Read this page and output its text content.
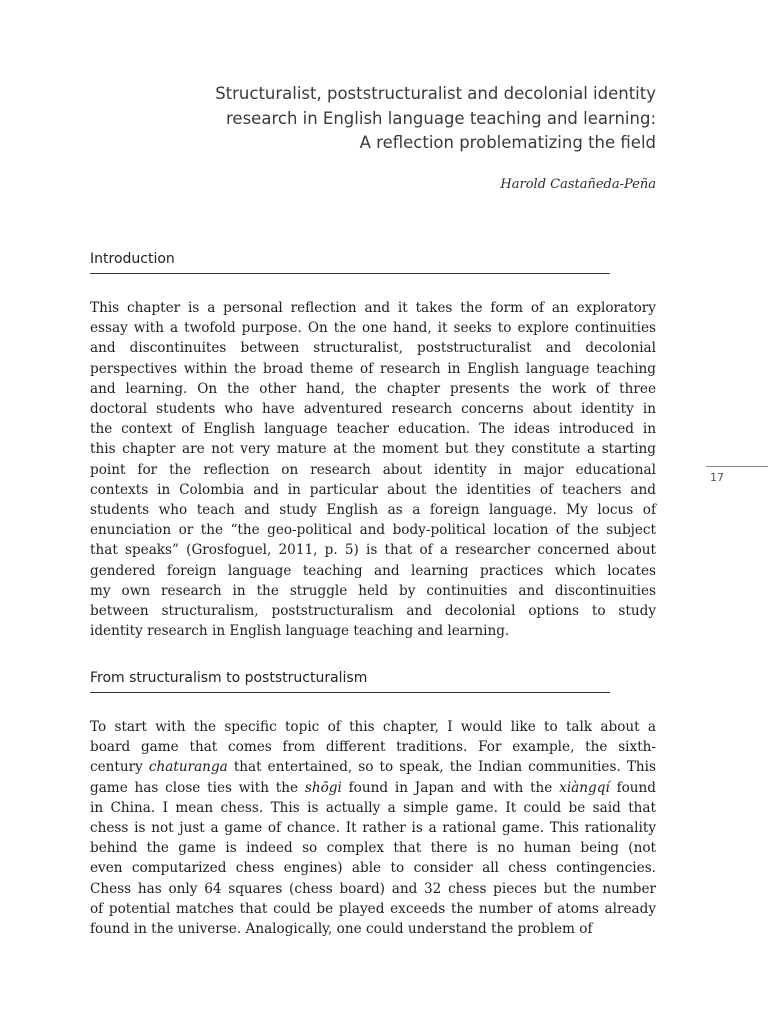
Structuralist, poststructuralist and decolonial identity
research in English language teaching and learning:
A reflection problematizing the field
Harold Castañeda-Peña
Introduction
This chapter is a personal reflection and it takes the form of an exploratory
essay with a twofold purpose. On the one hand, it seeks to explore continuities
and discontinuites between structuralist, poststructuralist and decolonial
perspectives within the broad theme of research in English language teaching
and learning. On the other hand, the chapter presents the work of three
doctoral students who have adventured research concerns about identity in
the context of English language teacher education. The ideas introduced in
this chapter are not very mature at the moment but they constitute a starting
point for the reflection on research about identity in major educational
contexts in Colombia and in particular about the identities of teachers and
students who teach and study English as a foreign language. My locus of
enunciation or the “the geo-political and body-political location of the subject
that speaks” (Grosfoguel, 2011, p. 5) is that of a researcher concerned about
gendered foreign language teaching and learning practices which locates
my own research in the struggle held by continuities and discontinuities
between structuralism, poststructuralism and decolonial options to study
identity research in English language teaching and learning.
From structuralism to poststructuralism
To start with the specific topic of this chapter, I would like to talk about a
board game that comes from different traditions. For example, the sixth-
century chaturanga that entertained, so to speak, the Indian communities. This
game has close ties with the shōgi found in Japan and with the xiàngqí found
in China. I mean chess. This is actually a simple game. It could be said that
chess is not just a game of chance. It rather is a rational game. This rationality
behind the game is indeed so complex that there is no human being (not
even computarized chess engines) able to consider all chess contingencies.
Chess has only 64 squares (chess board) and 32 chess pieces but the number
of potential matches that could be played exceeds the number of atoms already
found in the universe. Analogically, one could understand the problem of
17
